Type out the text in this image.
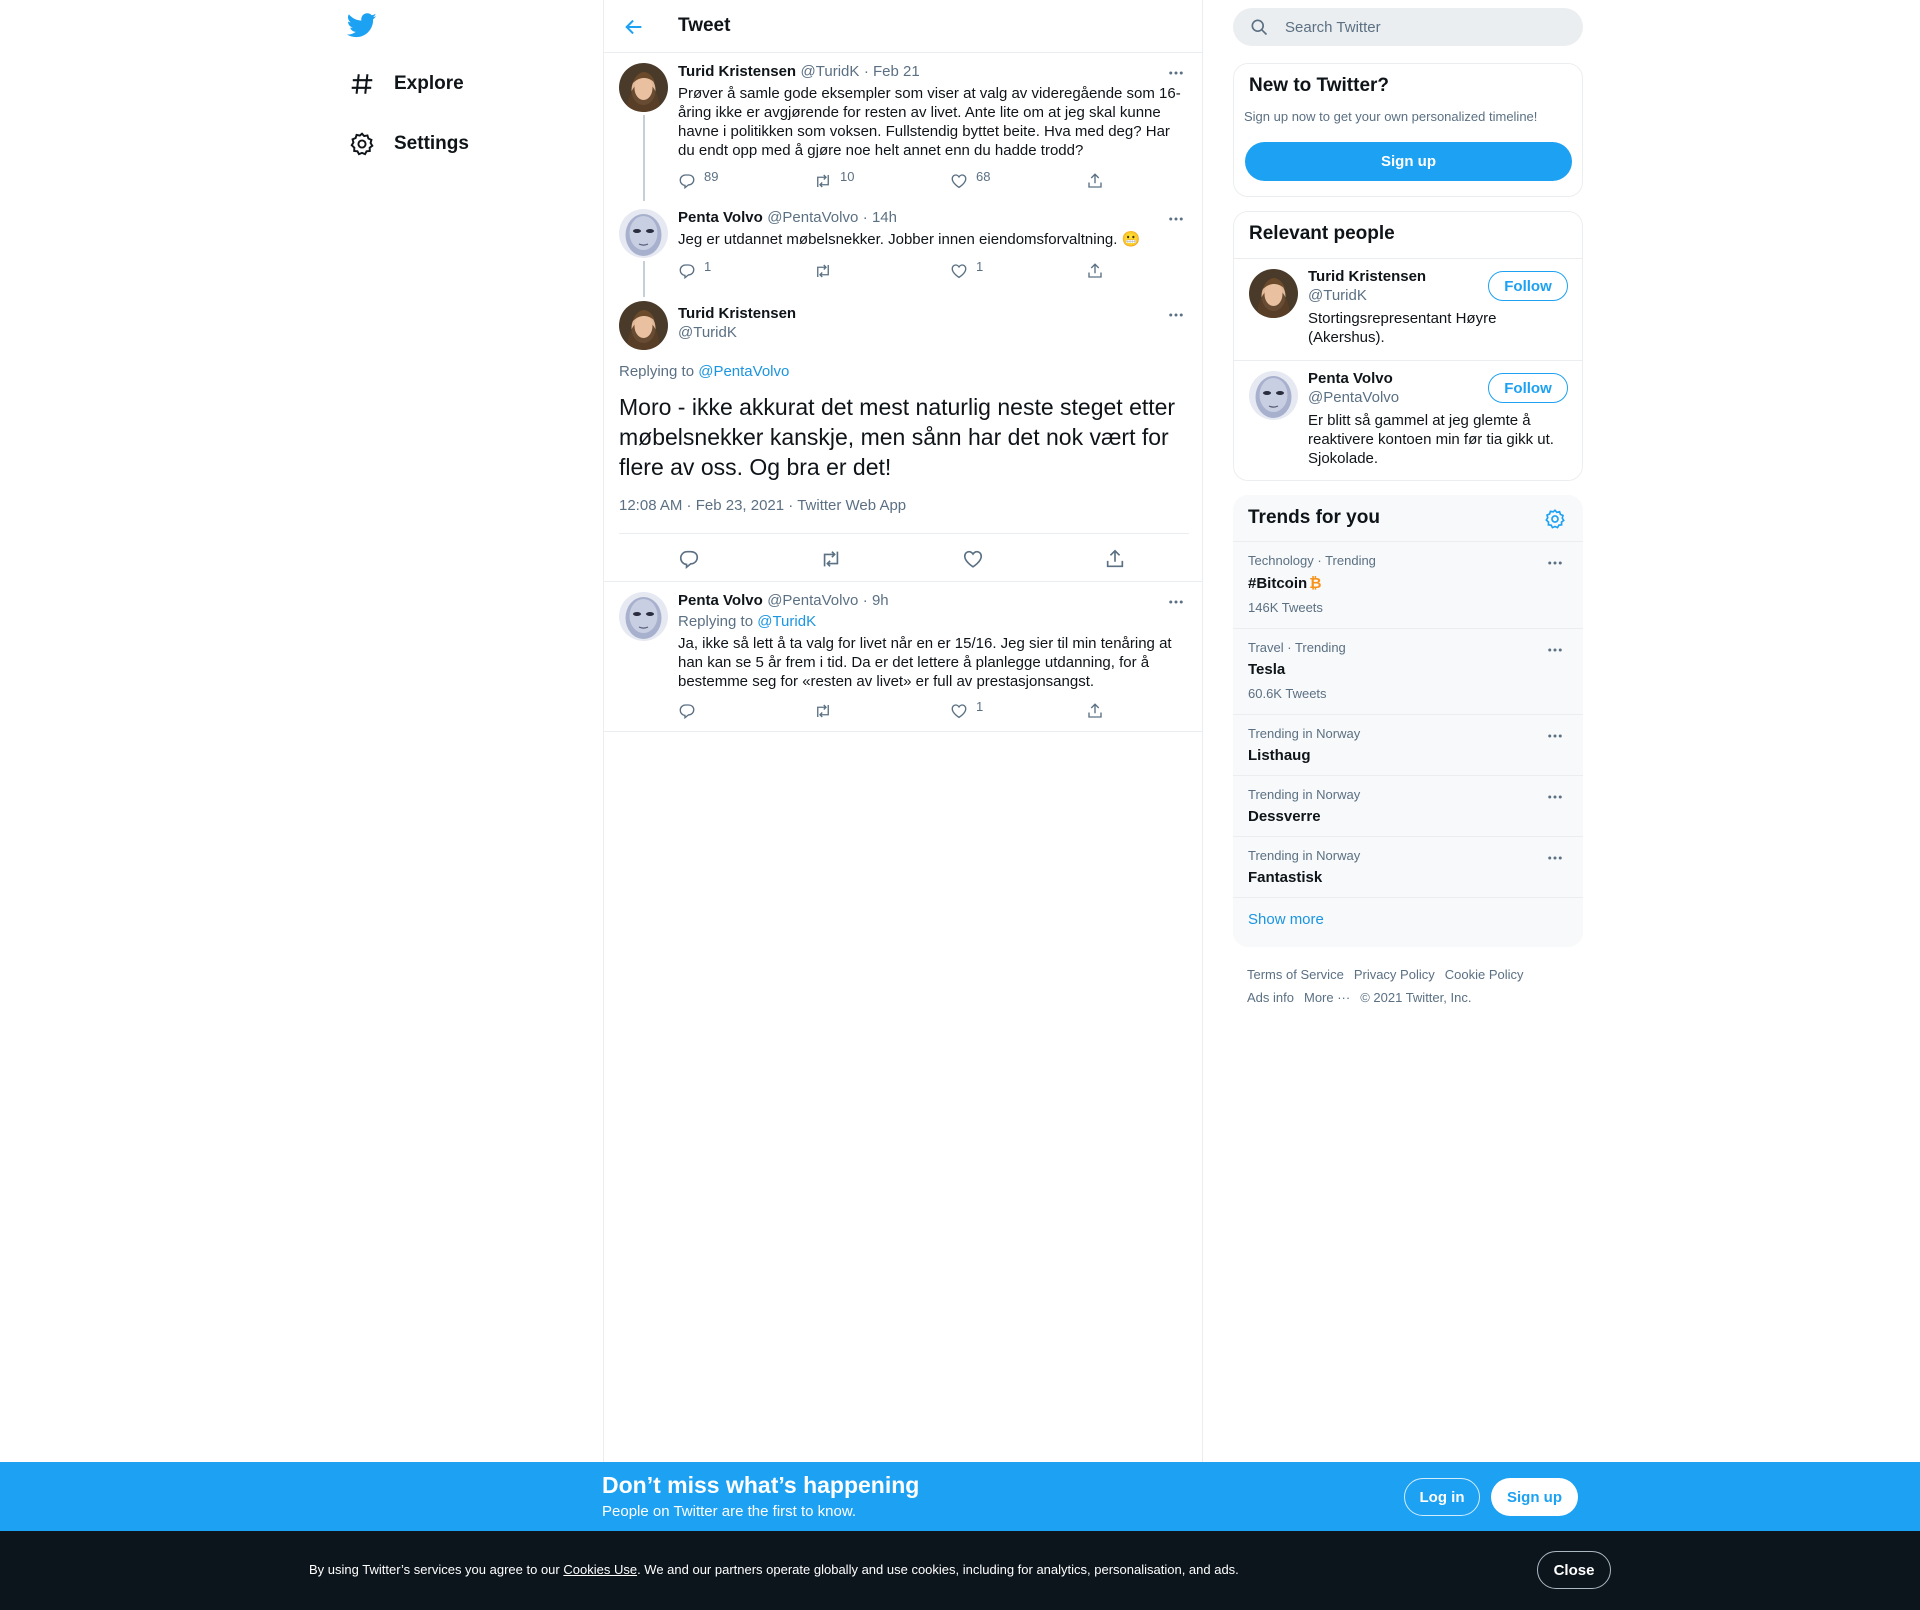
Explore
Settings
Tweet
Turid Kristensen @TuridK · Feb 21
Prøver å samle gode eksempler som viser at valg av videregående som 16-åring ikke er avgjørende for resten av livet. Ante lite om at jeg skal kunne havne i politikken som voksen. Fullstendig byttet beite. Hva med deg? Har du endt opp med å gjøre noe helt annet enn du hadde trodd?
89	10	68
Penta Volvo @PentaVolvo · 14h
Jeg er utdannet møbelsnekker. Jobber innen eiendomsforvaltning. 😬
1	1
Turid Kristensen
@TuridK
Replying to @PentaVolvo
Moro - ikke akkurat det mest naturlig neste steget etter møbelsnekker kanskje, men sånn har det nok vært for flere av oss. Og bra er det!
12:08 AM · Feb 23, 2021 · Twitter Web App
Penta Volvo @PentaVolvo · 9h
Replying to @TuridK
Ja, ikke så lett å ta valg for livet når en er 15/16. Jeg sier til min tenåring at han kan se 5 år frem i tid. Da er det lettere å planlegge utdanning, for å bestemme seg for «resten av livet» er full av prestasjonsangst.
1
Search Twitter
New to Twitter?
Sign up now to get your own personalized timeline!
Sign up
Relevant people
Turid Kristensen
@TuridK
Follow
Stortingsrepresentant Høyre (Akershus).
Penta Volvo
@PentaVolvo
Follow
Er blitt så gammel at jeg glemte å reaktivere kontoen min før tia gikk ut. Sjokolade.
Trends for you
Technology · Trending
#Bitcoin ₿
146K Tweets
Travel · Trending
Tesla
60.6K Tweets
Trending in Norway
Listhaug
Trending in Norway
Dessverre
Trending in Norway
Fantastisk
Show more
Terms of Service Privacy Policy Cookie Policy
Ads info More ··· © 2021 Twitter, Inc.
Don’t miss what’s happening
People on Twitter are the first to know.
Log in	Sign up
By using Twitter’s services you agree to our Cookies Use. We and our partners operate globally and use cookies, including for analytics, personalisation, and ads.	Close
